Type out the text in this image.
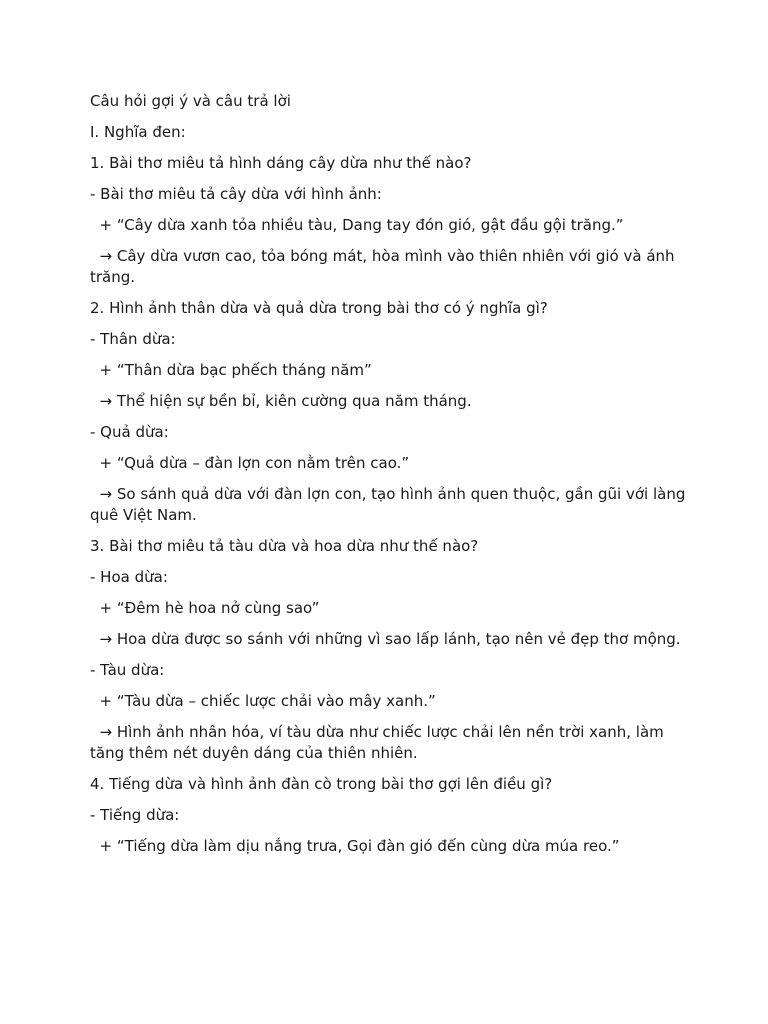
Câu hỏi gợi ý và câu trả lời

I. Nghĩa đen:

1. Bài thơ miêu tả hình dáng cây dừa như thế nào?

- Bài thơ miêu tả cây dừa với hình ảnh:

+ “Cây dừa xanh tỏa nhiều tàu, Dang tay đón gió, gật đầu gội trăng.”

→ Cây dừa vươn cao, tỏa bóng mát, hòa mình vào thiên nhiên với gió và ánh trăng.

2. Hình ảnh thân dừa và quả dừa trong bài thơ có ý nghĩa gì?

- Thân dừa:

+ “Thân dừa bạc phếch tháng năm”

→ Thể hiện sự bền bỉ, kiên cường qua năm tháng.

- Quả dừa:

+ “Quả dừa – đàn lợn con nằm trên cao.”

→ So sánh quả dừa với đàn lợn con, tạo hình ảnh quen thuộc, gần gũi với làng quê Việt Nam.

3. Bài thơ miêu tả tàu dừa và hoa dừa như thế nào?

- Hoa dừa:

+ “Đêm hè hoa nở cùng sao”

→ Hoa dừa được so sánh với những vì sao lấp lánh, tạo nên vẻ đẹp thơ mộng.

- Tàu dừa:

+ “Tàu dừa – chiếc lược chải vào mây xanh.”

→ Hình ảnh nhân hóa, ví tàu dừa như chiếc lược chải lên nền trời xanh, làm tăng thêm nét duyên dáng của thiên nhiên.

4. Tiếng dừa và hình ảnh đàn cò trong bài thơ gợi lên điều gì?

- Tiếng dừa:

+ “Tiếng dừa làm dịu nắng trưa, Gọi đàn gió đến cùng dừa múa reo.”
